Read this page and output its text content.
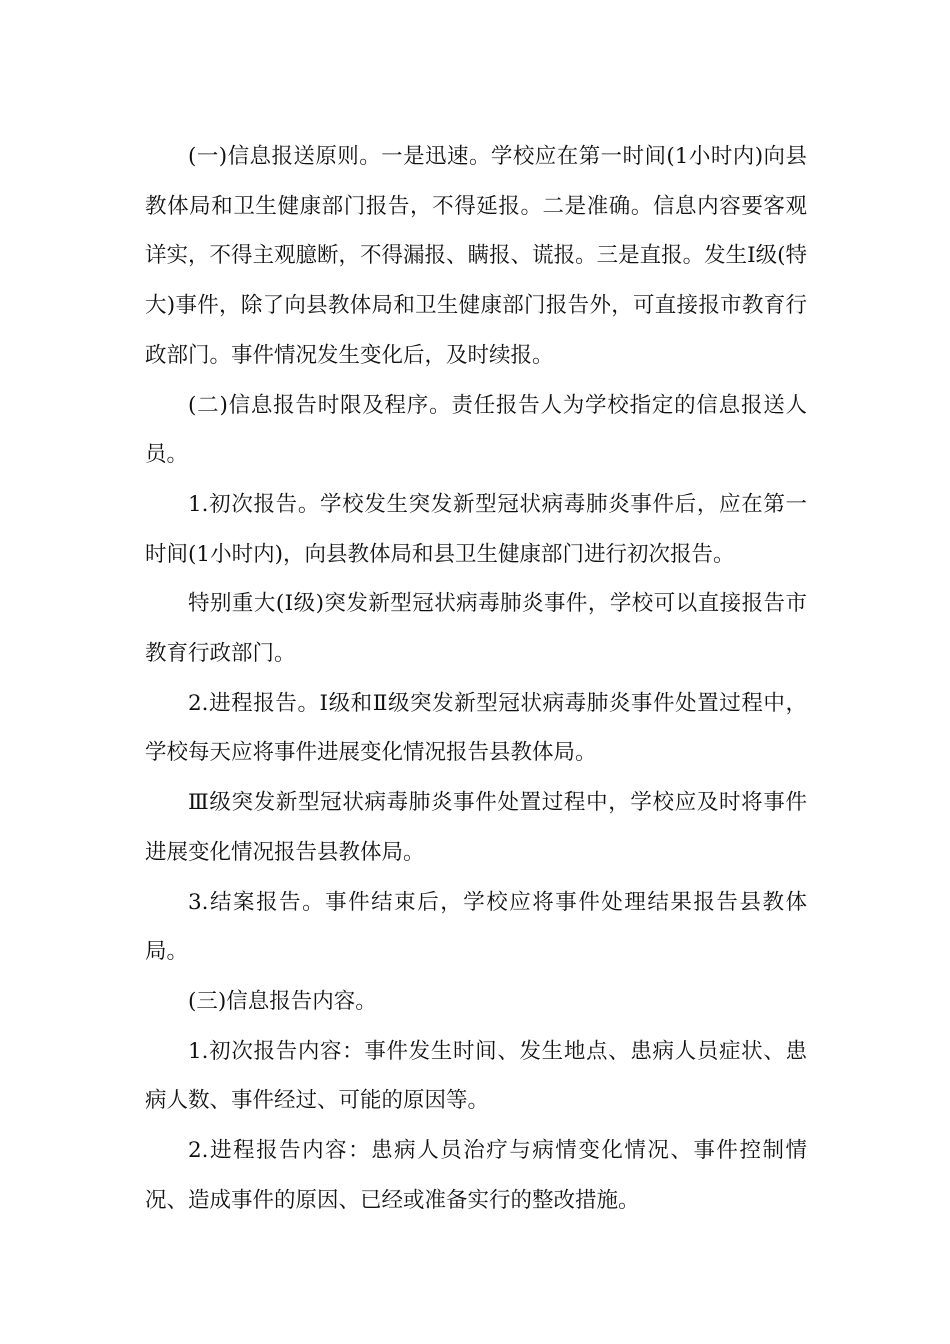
(一)信息报送原则。一是迅速。学校应在第一时间(1小时内)向县教体局和卫生健康部门报告，不得延报。二是准确。信息内容要客观详实，不得主观臆断，不得漏报、瞒报、谎报。三是直报。发生Ⅰ级(特大)事件，除了向县教体局和卫生健康部门报告外，可直接报市教育行政部门。事件情况发生变化后，及时续报。

(二)信息报告时限及程序。责任报告人为学校指定的信息报送人员。

1.初次报告。学校发生突发新型冠状病毒肺炎事件后，应在第一时间(1小时内)，向县教体局和县卫生健康部门进行初次报告。

特别重大(Ⅰ级)突发新型冠状病毒肺炎事件，学校可以直接报告市教育行政部门。

2.进程报告。Ⅰ级和Ⅱ级突发新型冠状病毒肺炎事件处置过程中，学校每天应将事件进展变化情况报告县教体局。

Ⅲ级突发新型冠状病毒肺炎事件处置过程中，学校应及时将事件进展变化情况报告县教体局。

3.结案报告。事件结束后，学校应将事件处理结果报告县教体局。

(三)信息报告内容。

1.初次报告内容：事件发生时间、发生地点、患病人员症状、患病人数、事件经过、可能的原因等。

2.进程报告内容：患病人员治疗与病情变化情况、事件控制情况、造成事件的原因、已经或准备实行的整改措施。
